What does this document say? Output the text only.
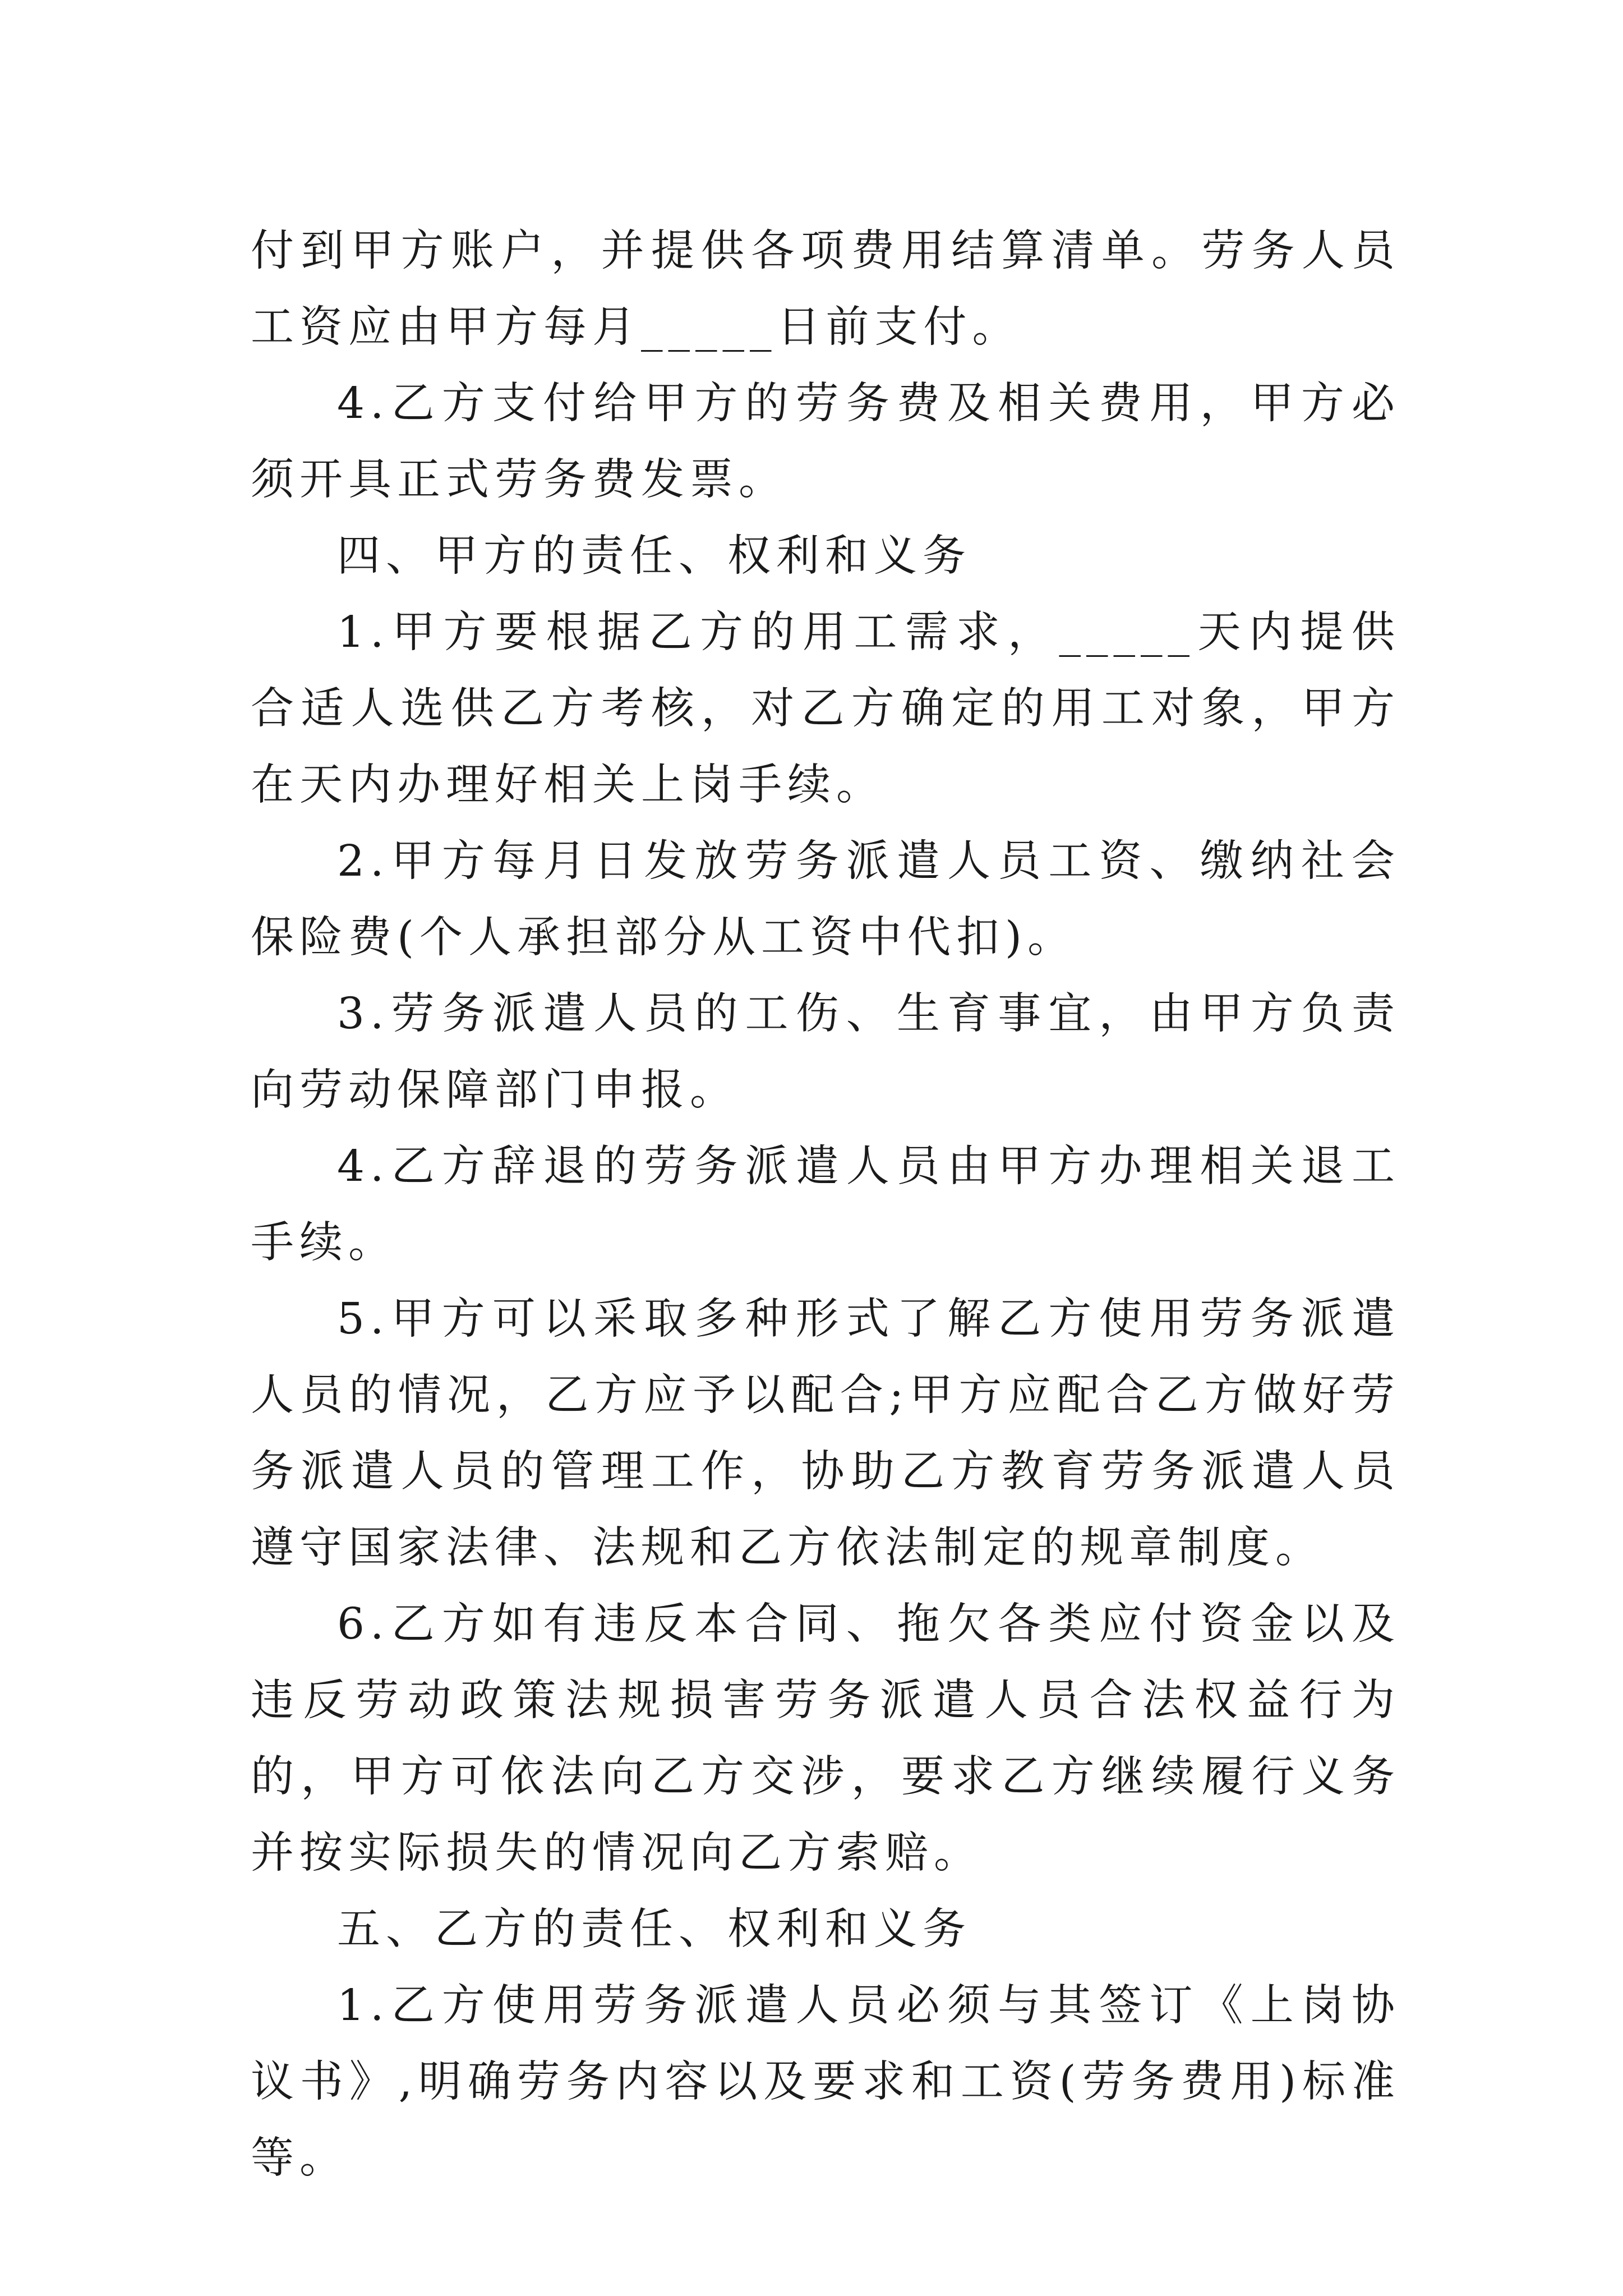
付到甲方账户，并提供各项费用结算清单。劳务人员工资应由甲方每月_____日前支付。

4.乙方支付给甲方的劳务费及相关费用，甲方必须开具正式劳务费发票。

四、甲方的责任、权利和义务

1.甲方要根据乙方的用工需求，_____天内提供合适人选供乙方考核，对乙方确定的用工对象，甲方在天内办理好相关上岗手续。

2.甲方每月日发放劳务派遣人员工资、缴纳社会保险费(个人承担部分从工资中代扣)。

3.劳务派遣人员的工伤、生育事宜，由甲方负责向劳动保障部门申报。

4.乙方辞退的劳务派遣人员由甲方办理相关退工手续。

5.甲方可以采取多种形式了解乙方使用劳务派遣人员的情况，乙方应予以配合;甲方应配合乙方做好劳务派遣人员的管理工作，协助乙方教育劳务派遣人员遵守国家法律、法规和乙方依法制定的规章制度。

6.乙方如有违反本合同、拖欠各类应付资金以及违反劳动政策法规损害劳务派遣人员合法权益行为的，甲方可依法向乙方交涉，要求乙方继续履行义务并按实际损失的情况向乙方索赔。

五、乙方的责任、权利和义务

1.乙方使用劳务派遣人员必须与其签订《上岗协议书》,明确劳务内容以及要求和工资(劳务费用)标准等。
